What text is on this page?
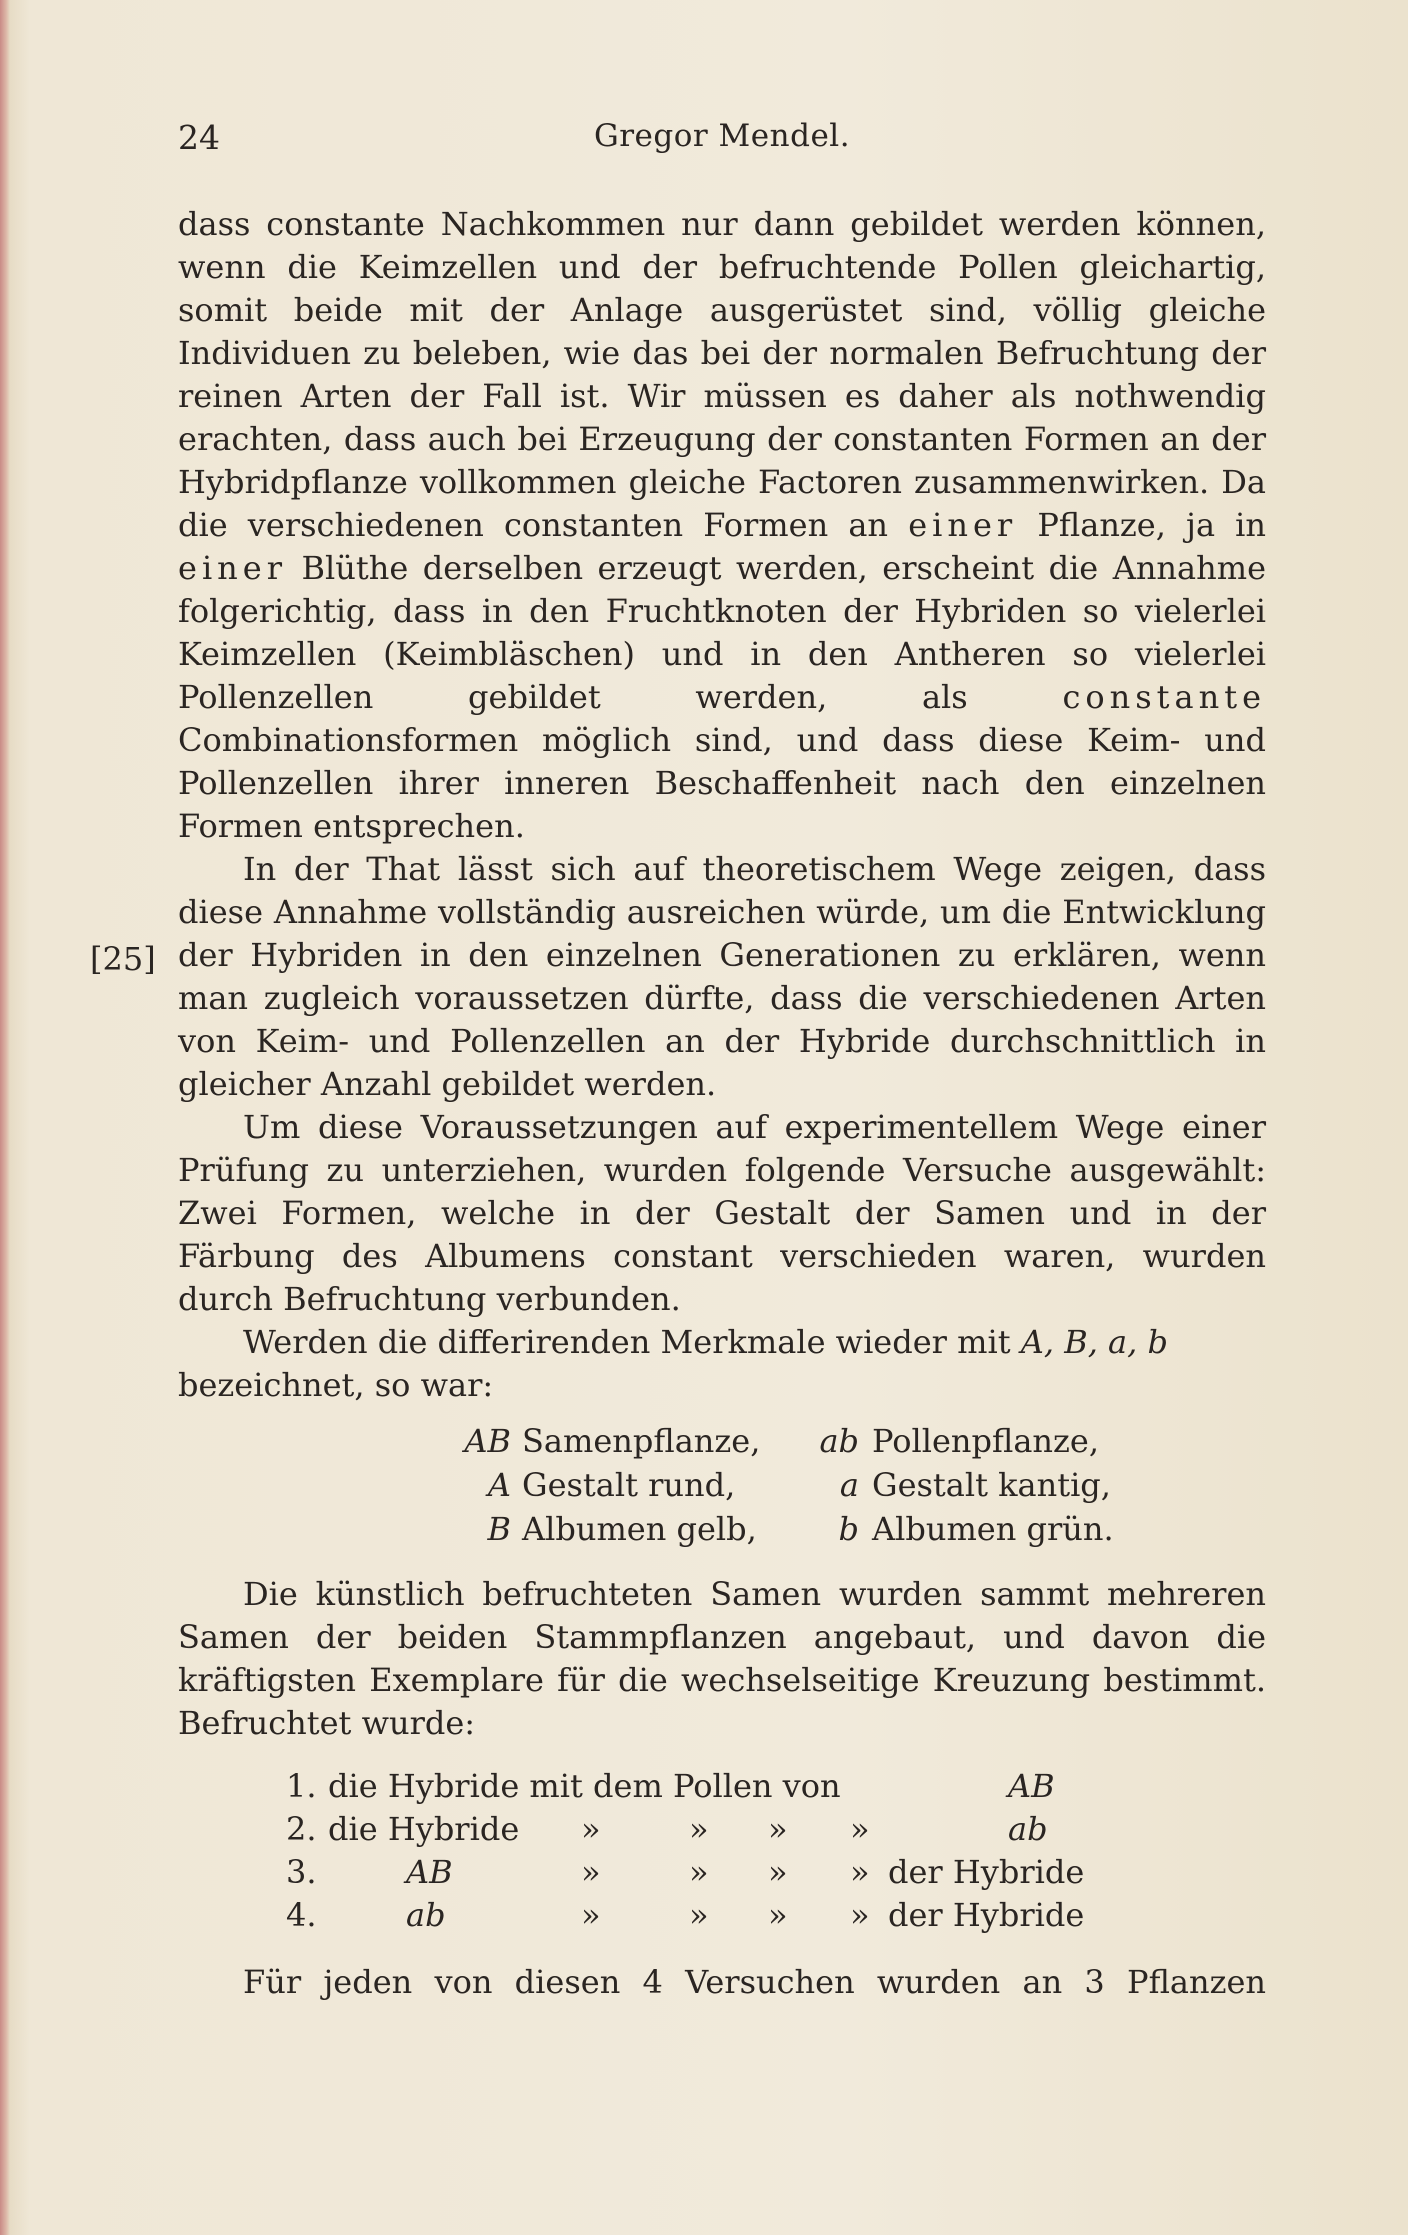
24	Gregor Mendel.
[25]

dass constante Nachkommen nur dann gebildet werden können, wenn die Keimzellen und der befruchtende Pollen gleichartig, somit beide mit der Anlage ausgerüstet sind, völlig gleiche Individuen zu beleben, wie das bei der normalen Befruchtung der reinen Arten der Fall ist. Wir müssen es daher als nothwendig erachten, dass auch bei Erzeugung der constanten Formen an der Hybridpflanze vollkommen gleiche Factoren zusammenwirken. Da die verschiedenen constanten Formen an einer Pflanze, ja in einer Blüthe derselben erzeugt werden, erscheint die Annahme folgerichtig, dass in den Fruchtknoten der Hybriden so vielerlei Keimzellen (Keimbläschen) und in den Antheren so vielerlei Pollenzellen gebildet werden, als	constante Combinationsformen möglich sind, und dass diese Keim- und Pollenzellen ihrer inneren Beschaffenheit nach den einzelnen Formen entsprechen.

In der That lässt sich auf theoretischem Wege zeigen, dass diese Annahme vollständig ausreichen würde, um die Entwicklung der Hybriden in den einzelnen Generationen zu erklären, wenn man zugleich voraussetzen dürfte, dass die verschiedenen Arten von Keim- und Pollenzellen an der Hybride durchschnittlich in gleicher Anzahl gebildet werden.

Um diese Voraussetzungen auf experimentellem Wege einer Prüfung zu unterziehen, wurden folgende Versuche ausgewählt: Zwei Formen, welche in der Gestalt der Samen und in der Färbung des Albumens constant verschieden waren, wurden durch Befruchtung verbunden.

Werden die differirenden Merkmale wieder mit A, B, a, b
bezeichnet, so war:

AB Samenpflanze, ab Pollenpflanze,
A Gestalt rund,	a Gestalt kantig,
B Albumen gelb,	b Albumen grün.

Die künstlich befruchteten Samen wurden sammt mehreren Samen der beiden Stammpflanzen angebaut, und davon die kräftigsten Exemplare für die wechselseitige Kreuzung bestimmt. Befruchtet wurde:

1. die Hybride mit dem Pollen von	AB
2. die Hybride »	» » »	ab
3.	AB	»	» » » der Hybride
4.	ab	»	» » » der Hybride

Für jeden von diesen 4 Versuchen wurden an 3 Pflanzen
